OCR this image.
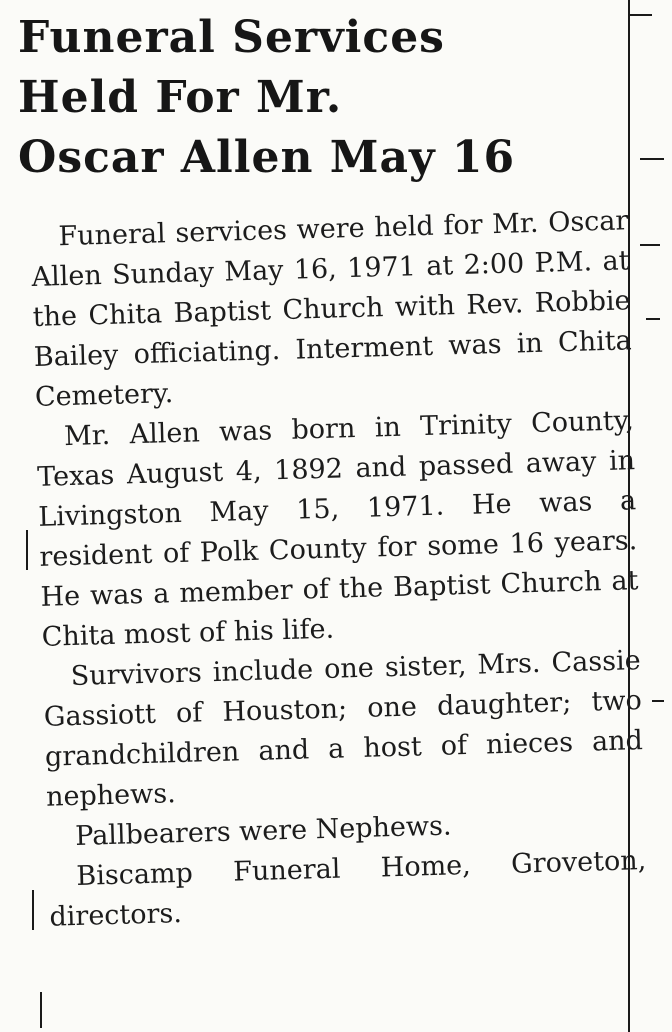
Funeral Services
Held For Mr.
Oscar Allen May 16

Funeral services were held for Mr. Oscar Allen Sunday May 16, 1971 at 2:00 P.M. at the Chita Baptist Church with Rev. Robbie Bailey officiating. Interment was in Chita Cemetery.

Mr. Allen was born in Trinity County, Texas August 4, 1892 and passed away in Livingston May 15, 1971. He was a resident of Polk County for some 16 years. He was a member of the Baptist Church at Chita most of his life.

Survivors include one sister, Mrs. Cassie Gassiott of Houston; one daughter; two grandchildren and a host of nieces and nephews.

Pallbearers were Nephews.

Biscamp Funeral Home, Groveton, directors.
